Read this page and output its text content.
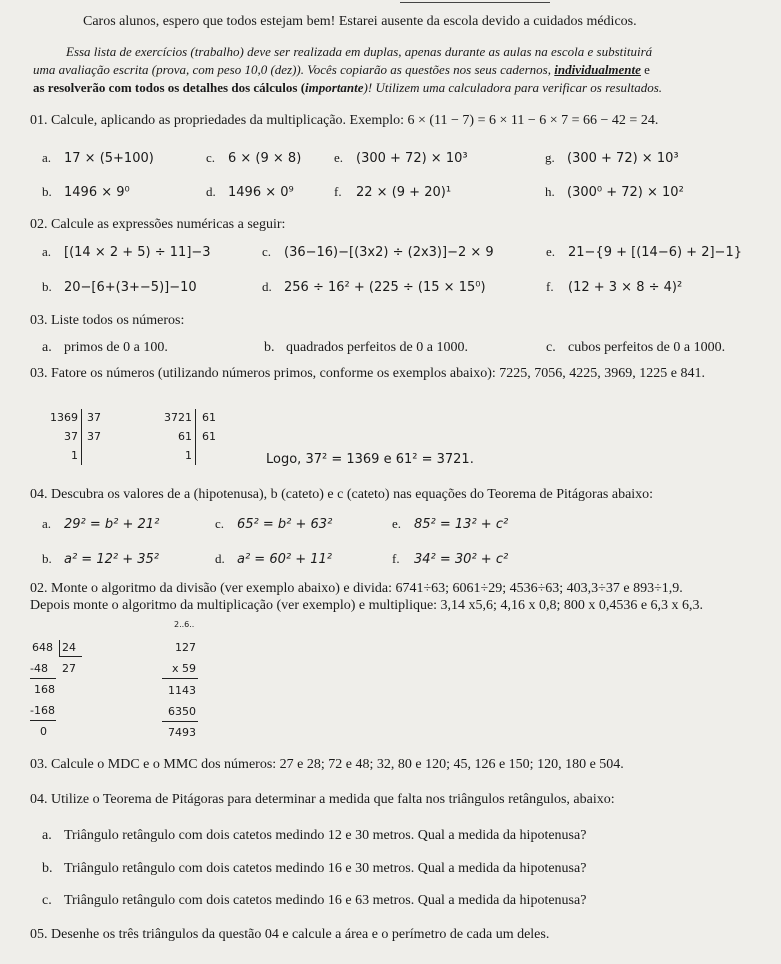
Caros alunos, espero que todos estejam bem! Estarei ausente da escola devido a cuidados médicos.
Essa lista de exercícios (trabalho) deve ser realizada em duplas, apenas durante as aulas na escola e substituirá
uma avaliação escrita (prova, com peso 10,0 (dez)). Vocês copiarão as questões nos seus cadernos, individualmente e
as resolverão com todos os detalhes dos cálculos (importante)! Utilizem uma calculadora para verificar os resultados.
01. Calcule, aplicando as propriedades da multiplicação. Exemplo: 6 × (11 − 7) = 6 × 11 − 6 × 7 = 66 − 42 = 24.
a. 17 × (5+100)	c. 6 × (9 × 8)	e. (300 + 72) × 10³	g. (300 + 72) × 10³
b. 1496 × 9⁰	d. 1496 × 0⁹	f. 22 × (9 + 20)¹	h. (300⁰ + 72) × 10²
02. Calcule as expressões numéricas a seguir:
a. [(14 × 2 + 5) ÷ 11]−3	c. (36−16)−[(3x2) ÷ (2x3)]−2 × 9	e. 21−{9 + [(14−6) + 2]−1}
b. 20−[6+(3+−5)]−10	d. 256 ÷ 16² + (225 ÷ (15 × 15⁰)	f. (12 + 3 × 8 ÷ 4)²
03. Liste todos os números:
a. primos de 0 a 100.	b. quadrados perfeitos de 0 a 1000.	c. cubos perfeitos de 0 a 1000.
03. Fatore os números (utilizando números primos, conforme os exemplos abaixo): 7225, 7056, 4225, 3969, 1225 e 841.
1369
37
1
37
37
3721
61
1
61
61
Logo, 37² = 1369 e 61² = 3721.
04. Descubra os valores de a (hipotenusa), b (cateto) e c (cateto) nas equações do Teorema de Pitágoras abaixo:
a. 29² = b² + 21²	c. 65² = b² + 63²	e. 85² = 13² + c²
b. a² = 12² + 35²	d. a² = 60² + 11²	f. 34² = 30² + c²
02. Monte o algoritmo da divisão (ver exemplo abaixo) e divida: 6741÷63; 6061÷29; 4536÷63; 403,3÷37 e 893÷1,9.
Depois monte o algoritmo da multiplicação (ver exemplo) e multiplique: 3,14 x5,6; 4,16 x 0,8; 800 x 0,4536 e 6,3 x 6,3.
648 24
-48 27
168
-168
0
2..6..
127
x 59
1143
6350
7493
03. Calcule o MDC e o MMC dos números: 27 e 28; 72 e 48; 32, 80 e 120; 45, 126 e 150; 120, 180 e 504.
04. Utilize o Teorema de Pitágoras para determinar a medida que falta nos triângulos retângulos, abaixo:
a. Triângulo retângulo com dois catetos medindo 12 e 30 metros. Qual a medida da hipotenusa?
b. Triângulo retângulo com dois catetos medindo 16 e 30 metros. Qual a medida da hipotenusa?
c. Triângulo retângulo com dois catetos medindo 16 e 63 metros. Qual a medida da hipotenusa?
05. Desenhe os três triângulos da questão 04 e calcule a área e o perímetro de cada um deles.
